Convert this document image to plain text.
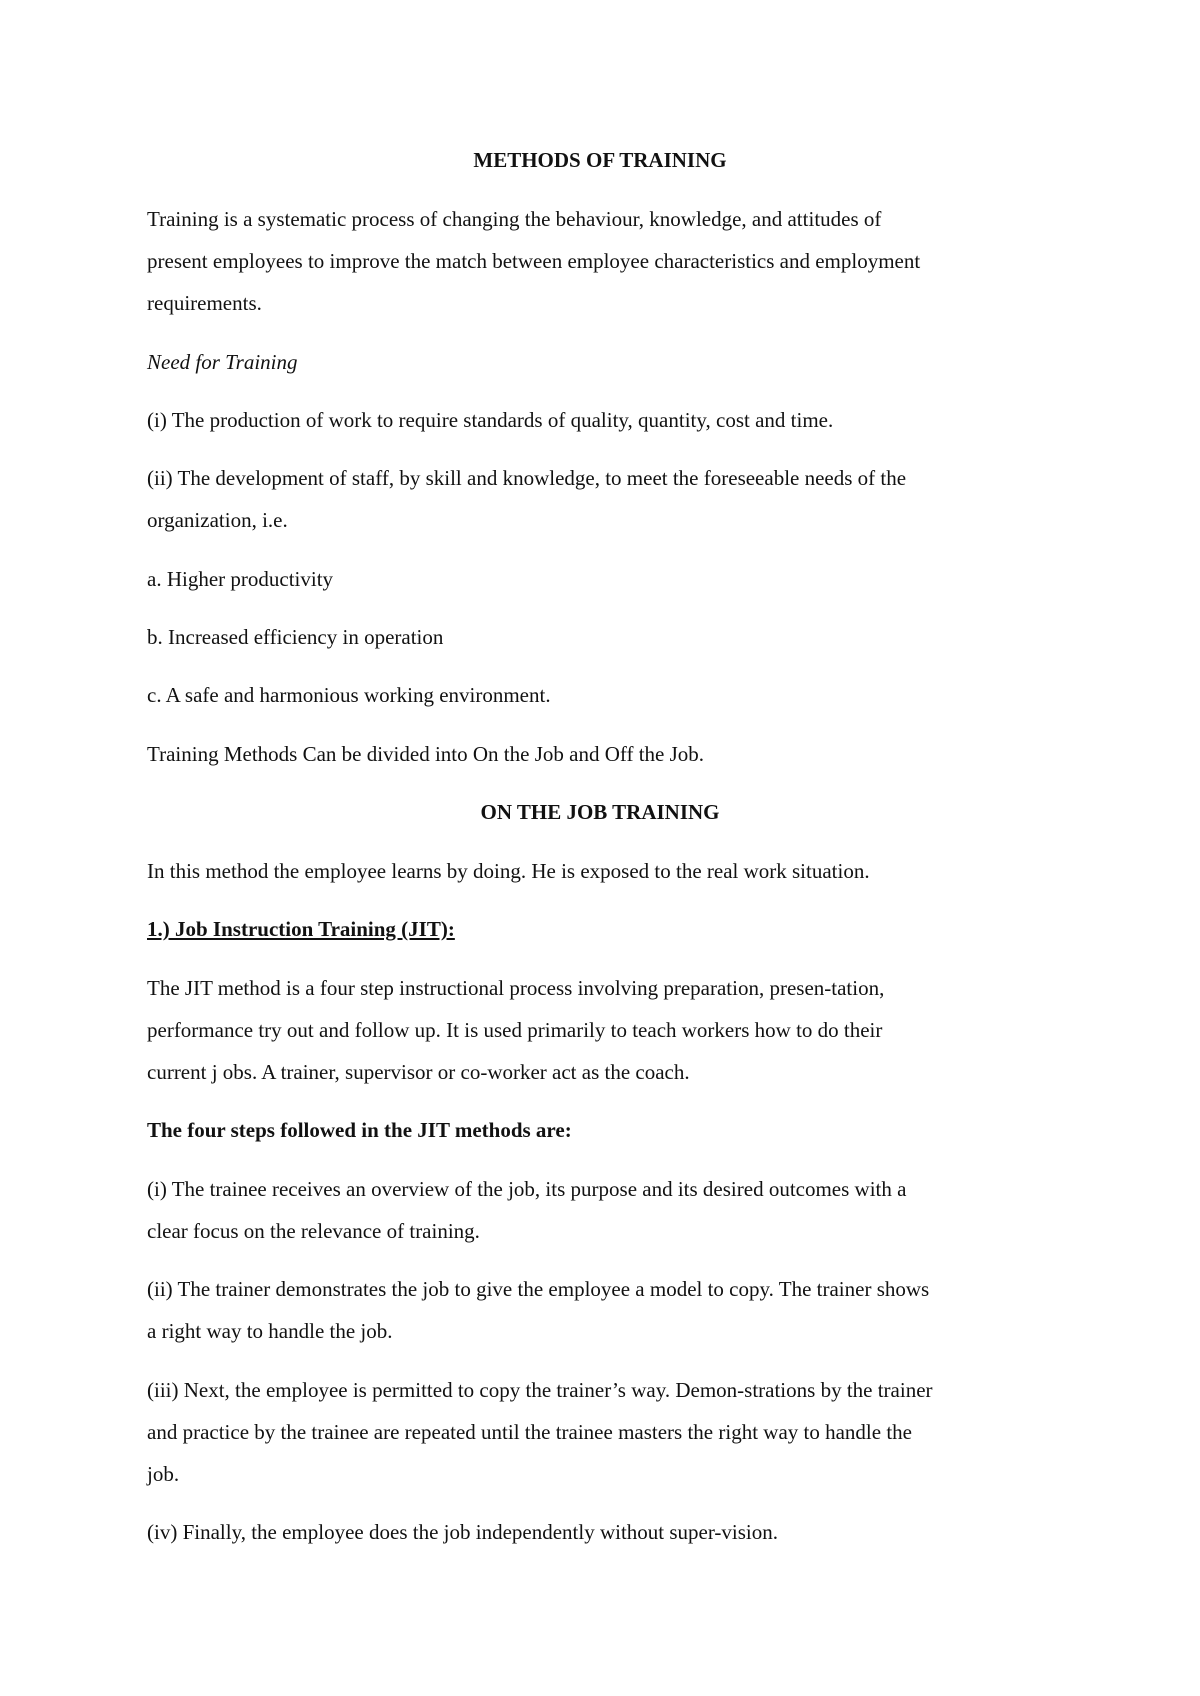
METHODS OF TRAINING

Training is a systematic process of changing the behaviour, knowledge, and attitudes of

present employees to improve the match between employee characteristics and employment

requirements.

Need for Training

(i) The production of work to require standards of quality, quantity, cost and time.

(ii) The development of staff, by skill and knowledge, to meet the foreseeable needs of the

organization, i.e.

a. Higher productivity

b. Increased efficiency in operation

c. A safe and harmonious working environment.

Training Methods Can be divided into On the Job and Off the Job.

ON THE JOB TRAINING

In this method the employee learns by doing. He is exposed to the real work situation.

1.) Job Instruction Training (JIT):

The JIT method is a four step instructional process involving preparation, presen-tation,

performance try out and follow up. It is used primarily to teach workers how to do their

current j obs. A trainer, supervisor or co-worker act as the coach.

The four steps followed in the JIT methods are:

(i) The trainee receives an overview of the job, its purpose and its desired outcomes with a

clear focus on the relevance of training.

(ii) The trainer demonstrates the job to give the employee a model to copy. The trainer shows

a right way to handle the job.

(iii) Next, the employee is permitted to copy the trainer’s way. Demon-strations by the trainer

and practice by the trainee are repeated until the trainee masters the right way to handle the

job.

(iv) Finally, the employee does the job independently without super-vision.
